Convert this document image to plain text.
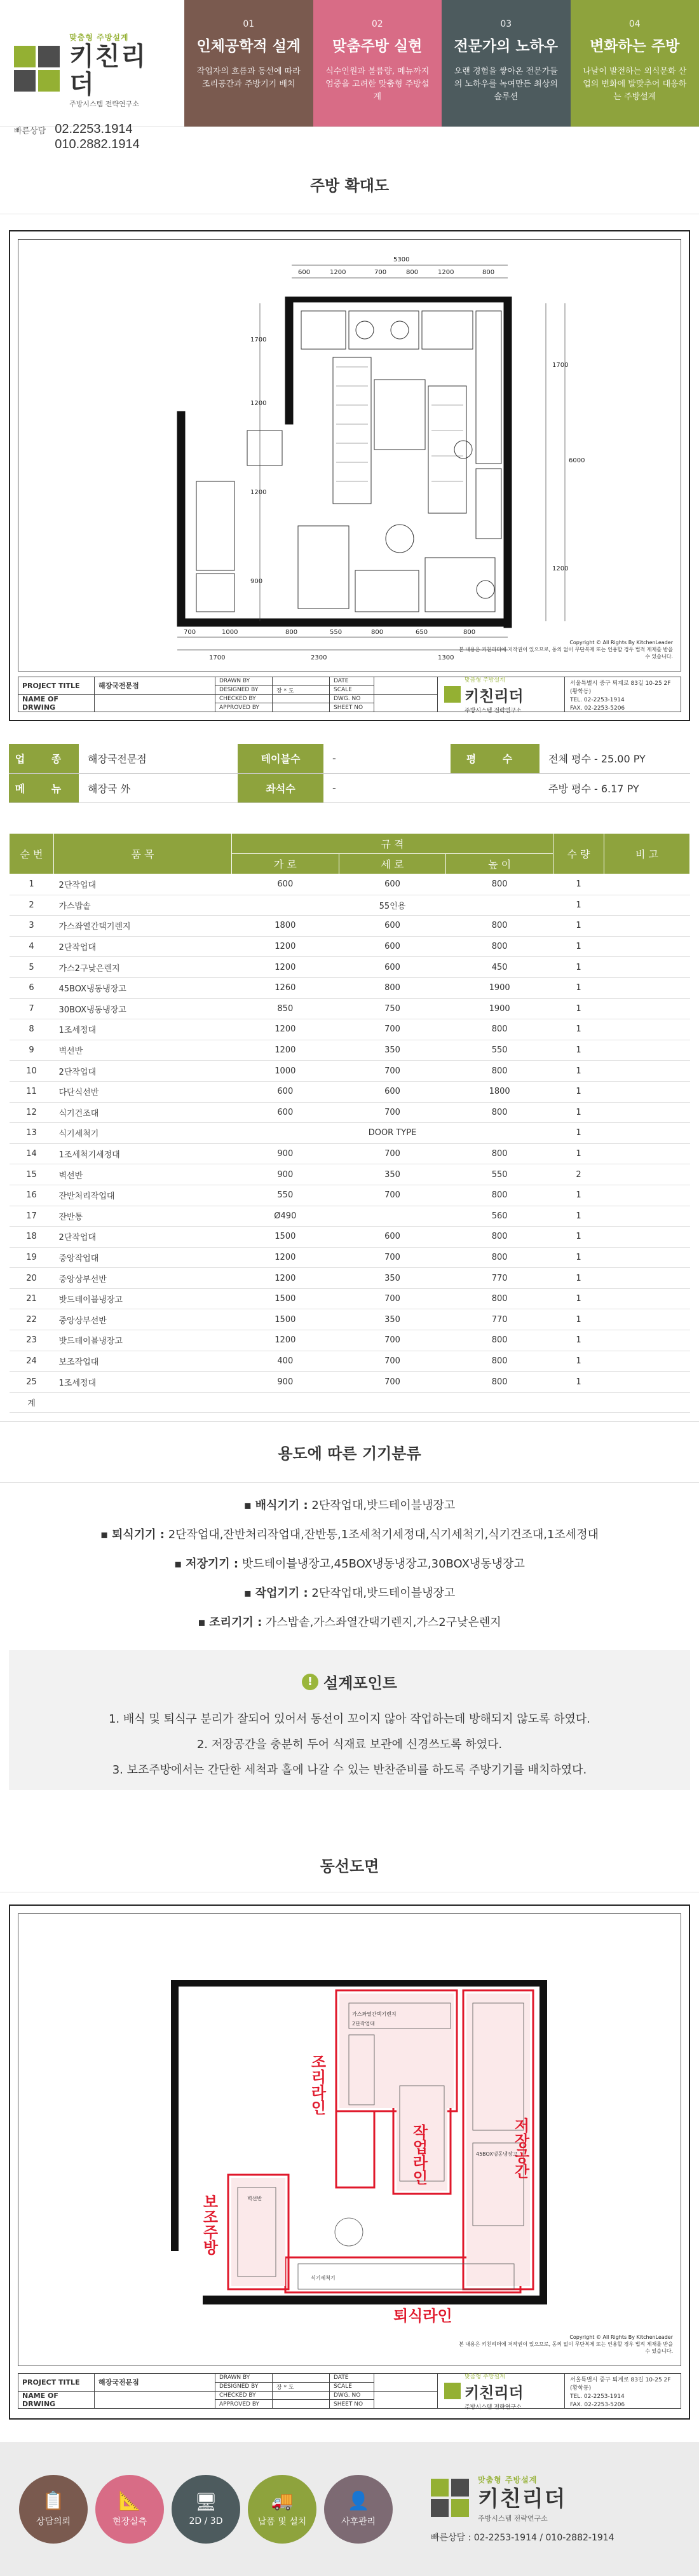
맞춤형 주방설계
키친리더
주방시스템 전략연구소
빠른상담 02.2253.1914
010.2882.1914
01
인체공학적 설계
작업자의 흐름과 동선에 따라 조리공간과 주방기기 배치
02
맞춤주방 실현
식수인원과 볼륨량, 메뉴까지 엄중을 고려한 맞춤형 주방설계
03
전문가의 노하우
오랜 경험을 쌓아온 전문가들의 노하우를 녹여만든 최상의 솔루션
04
변화하는 주방
나날이 발전하는 외식문화 산업의 변화에 발맞추어 대응하는 주방설계
주방 확대도
5300
600	1200	700	800	1200	800
700	1000	800	550	800	650	800
1700	2300	1300
1700
1200
1200
900
1700
6000
1200
Copyright © All Rights By KitchenLeader
본 내용은 키친리더에 저작권이 있으므로, 동의 없이 무단복제 또는 인용할 경우 법적 제재를 받을 수 있습니다.
PROJECT TITLE
NAME OF DRWING
해장국전문점
DRAWN BY
DESIGNED BY
CHECKED BY
APPROVED BY
장 * 도
DATE
SCALE
DWG. NO
SHEET NO
맞춤형 주방설계
키친리더
주방시스템 전략연구소
서울특별시 중구 퇴계로 83길 10-25 2F (황학동)
TEL. 02-2253-1914
FAX. 02-2253-5206
업 종	해장국전문점	테이블수	-	평 수	전체 평수 - 25.00 PY
메 뉴	해장국 外	좌석수	-		주방 평수 - 6.17 PY
순 번	품 목	규 격			수 량	비 고
		가 로	세 로	높 이		
1	2단작업대	600	600	800	1	
2	가스밥솥	55인용			1	
3	가스좌열간택기렌지	1800	600	800	1	
4	2단작업대	1200	600	800	1	
5	가스2구낮은렌지	1200	600	450	1	
6	45BOX냉동냉장고	1260	800	1900	1	
7	30BOX냉동냉장고	850	750	1900	1	
8	1조세정대	1200	700	800	1	
9	벽선반	1200	350	550	1	
10	2단작업대	1000	700	800	1	
11	다단식선반	600	600	1800	1	
12	식기건조대	600	700	800	1	
13	식기세척기	DOOR TYPE			1	
14	1조세척기세정대	900	700	800	1	
15	벽선반	900	350	550	2	
16	잔반처리작업대	550	700	800	1	
17	잔반통	Ø490		560	1	
18	2단작업대	1500	600	800	1	
19	중앙작업대	1200	700	800	1	
20	중앙상부선반	1200	350	770	1	
21	밧드테이블냉장고	1500	700	800	1	
22	중앙상부선반	1500	350	770	1	
23	밧드테이블냉장고	1200	700	800	1	
24	보조작업대	400	700	800	1	
25	1조세정대	900	700	800	1	
계						
용도에 따른 기기분류
▪ 배식기기 : 2단작업대,밧드테이블냉장고
▪ 퇴식기기 : 2단작업대,잔반처리작업대,잔반통,1조세척기세정대,식기세척기,식기건조대,1조세정대
▪ 저장기기 : 밧드테이블냉장고,45BOX냉동냉장고,30BOX냉동냉장고
▪ 작업기기 : 2단작업대,밧드테이블냉장고
▪ 조리기기 : 가스밥솥,가스좌열간택기렌지,가스2구낮은렌지
! 설계포인트
1. 배식 및 퇴식구 분리가 잘되어 있어서 동선이 꼬이지 않아 작업하는데 방해되지 않도록 하였다.
2. 저장공간을 충분히 두어 식재료 보관에 신경쓰도록 하였다.
3. 보조주방에서는 간단한 세척과 홀에 나갈 수 있는 반찬준비를 하도록 주방기기를 배치하였다.
동선도면
조리라인
작업라인	저장공간
보조주방
퇴식라인
가스좌열간택기렌지
2단작업대
식기세척기
벽선반
45BOX냉동냉장고
Copyright © All Rights By KitchenLeader
본 내용은 키친리더에 저작권이 있으므로, 동의 없이 무단복제 또는 인용할 경우 법적 제재를 받을 수 있습니다.
PROJECT TITLE
NAME OF DRWING
해장국전문점
DRAWN BY
DESIGNED BY
CHECKED BY
APPROVED BY
장 * 도
DATE
SCALE
DWG. NO
SHEET NO
맞춤형 주방설계
키친리더
주방시스템 전략연구소
서울특별시 중구 퇴계로 83길 10-25 2F (황학동)
TEL. 02-2253-1914
FAX. 02-2253-5206
📋
상담의뢰
📐
현장실측
🖥
2D / 3D
🚚
납품 및 설치
👤
사후관리
맞춤형 주방설계
키친리더
주방시스템 전략연구소
빠른상담 : 02-2253-1914 / 010-2882-1914
